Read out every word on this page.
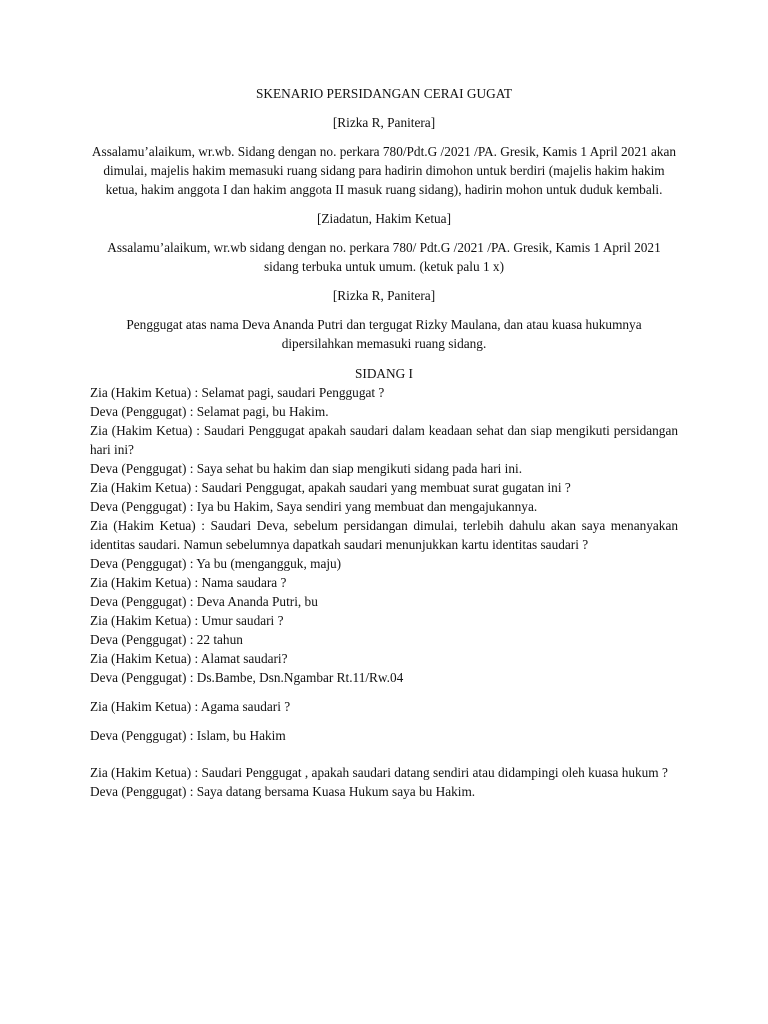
SKENARIO PERSIDANGAN CERAI GUGAT

[Rizka R, Panitera]

Assalamu’alaikum, wr.wb. Sidang dengan no. perkara 780/Pdt.G /2021 /PA. Gresik, Kamis 1 April 2021 akan dimulai, majelis hakim memasuki ruang sidang para hadirin dimohon untuk berdiri (majelis hakim hakim ketua, hakim anggota I dan hakim anggota II masuk ruang sidang), hadirin mohon untuk duduk kembali.

[Ziadatun, Hakim Ketua]

Assalamu’alaikum, wr.wb sidang dengan no. perkara 780/ Pdt.G /2021 /PA. Gresik, Kamis 1 April 2021 sidang terbuka untuk umum. (ketuk palu 1 x)

[Rizka R, Panitera]

Penggugat atas nama Deva Ananda Putri dan tergugat Rizky Maulana, dan atau kuasa hukumnya dipersilahkan memasuki ruang sidang.

SIDANG I

Zia (Hakim Ketua) : Selamat pagi, saudari Penggugat ?

Deva (Penggugat) : Selamat pagi, bu Hakim.

Zia (Hakim Ketua) : Saudari Penggugat apakah saudari dalam keadaan sehat dan siap mengikuti persidangan hari ini?

Deva (Penggugat) : Saya sehat bu hakim dan siap mengikuti sidang pada hari ini.

Zia (Hakim Ketua) : Saudari Penggugat, apakah saudari yang membuat surat gugatan ini ?

Deva (Penggugat) : Iya bu Hakim, Saya sendiri yang membuat dan mengajukannya.

Zia (Hakim Ketua) : Saudari Deva, sebelum persidangan dimulai, terlebih dahulu akan saya menanyakan identitas saudari. Namun sebelumnya dapatkah saudari menunjukkan kartu identitas saudari ?

Deva (Penggugat) : Ya bu (mengangguk, maju)

Zia (Hakim Ketua) : Nama saudara ?

Deva (Penggugat) : Deva Ananda Putri, bu

Zia (Hakim Ketua) : Umur saudari ?

Deva (Penggugat) : 22 tahun

Zia (Hakim Ketua) : Alamat saudari?

Deva (Penggugat) : Ds.Bambe, Dsn.Ngambar Rt.11/Rw.04

Zia (Hakim Ketua) : Agama saudari ?

Deva (Penggugat) : Islam, bu Hakim

Zia (Hakim Ketua) : Saudari Penggugat , apakah saudari datang sendiri atau didampingi oleh kuasa hukum ?

Deva (Penggugat) : Saya datang bersama Kuasa Hukum saya bu Hakim.
